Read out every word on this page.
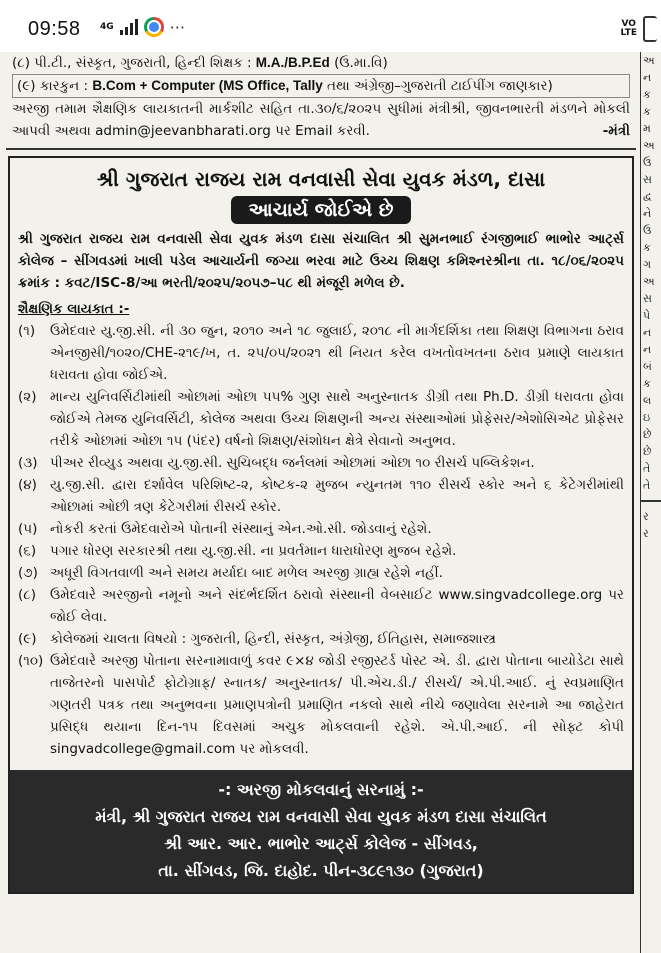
09:58 4G	···	VO
LTE

(૮) પી.ટી., સંસ્કૃત, ગુજરાતી, હિન્દી શિક્ષક : M.A./B.P.Ed (ઉ.મા.વિ)

(૯) કારકુન : B.Com + Computer (MS Office, Tally તથા અંગ્રેજી–ગુજરાતી ટાઈપીંગ જાણકાર)

અરજી તમામ શૈક્ષણિક લાયકાતની માર્કશીટ સહિત તા.૩૦/૬/૨૦૨૫ સુધીમાં મંત્રીશ્રી, જીવનભારતી મંડળને મોકલી આપવી અથવા admin@jeevanbharati.org પર Email કરવી.	-મંત્રી

શ્રી ગુજરાત રાજય રામ વનવાસી સેવા યુવક મંડળ, દાસા
આચાર્ય જોઈએ છે

શ્રી ગુજરાત રાજય રામ વનવાસી સેવા યુવક મંડળ દાસા સંચાલિત શ્રી સુમનભાઈ રંગજીભાઈ ભાભોર આર્ટ્સ કોલેજ – સીંગવડમાં ખાલી પડેલ આચાર્યની જગ્યા ભરવા માટે ઉચ્ચ શિક્ષણ કમિશ્નરશ્રીના તા. ૧૮/૦૬/૨૦૨૫ ક્રમાંક : કવટ/ISC-8/આ ભરતી/૨૦૨૫/૨૦૫૭–૫૮ થી મંજૂરી મળેલ છે.

શૈક્ષણિક લાયકાત :-

(૧)	ઉમેદવાર યુ.જી.સી. ની ૩૦ જુન, ૨૦૧૦ અને ૧૮ જુલાઈ, ૨૦૧૮ ની માર્ગદર્શિકા તથા શિક્ષણ વિભાગના ઠરાવ એનજીસી/૧૦૨૦/CHE-૨૧૯/ખ, ત. ૨૫/૦૫/૨૦૨૧ થી નિયત કરેલ વખતોવખતના ઠરાવ પ્રમાણે લાયકાત ધરાવતા હોવા જોઈએ.
(૨)	માન્ય યુનિવર્સિટીમાંથી ઓછામાં ઓછા ૫૫% ગુણ સાથે અનુસ્નાતક ડીગ્રી તથા Ph.D. ડીગ્રી ધરાવતા હોવા જોઈએ તેમજ યુનિવર્સિટી, કોલેજ અથવા ઉચ્ચ શિક્ષણની અન્ય સંસ્થાઓમાં પ્રોફેસર/એશોસિએટ પ્રોફેસર તરીકે ઓછામાં ઓછા ૧૫ (પંદર) વર્ષનો શિક્ષણ/સંશોધન ક્ષેત્રે સેવાનો અનુભવ.
(૩) પીઅર રીવ્યુડ અથવા યુ.જી.સી. સુચિબદ્ધ જર્નલમાં ઓછામાં ઓછા ૧૦ રીસર્ચ પબ્લિકેશન.
(૪) યુ.જી.સી. દ્વારા દર્શાવેલ પરિશિષ્ટ-૨, કોષ્ટક-૨ મુજબ ન્યુનતમ ૧૧૦ રીસર્ચ સ્કોર અને ૬ કેટેગરીમાંથી ઓછામાં ઓછી ત્રણ કેટેગરીમાં રીસર્ચ સ્કોર.
(૫) નોકરી કરતાં ઉમેદવારોએ પોતાની સંસ્થાનું એન.ઓ.સી. જોડવાનું રહેશે.
(૬)	પગાર ધોરણ સરકારશ્રી તથા યુ.જી.સી. ના પ્રવર્તમાન ધારાધોરણ મુજબ રહેશે.
(૭) અધૂરી વિગતવાળી અને સમય મર્યાદા બાદ મળેલ અરજી ગ્રાહ્ય રહેશે નહીં.
(૮)	ઉમેદવારે અરજીનો નમૂનો અને સંદર્ભદર્શિત ઠરાવો સંસ્થાની વેબસાઈટ www.singvadcollege.org પર જોઈ લેવા.
(૯) કોલેજમાં ચાલતા વિષયો : ગુજરાતી, હિન્દી, સંસ્કૃત, અંગ્રેજી, ઈતિહાસ, સમાજશાસ્ત્ર
(૧૦) ઉમેદવારે અરજી પોતાના સરનામાવાળું કવર ૯×૪ જોડી રજીસ્ટર્ડ પોસ્ટ એ. ડી. દ્વારા પોતાના બાયોડેટા સાથે તાજેતરનો પાસપોર્ટ ફોટોગ્રાફ/ સ્નાતક/ અનુસ્નાતક/ પી.એચ.ડી./ રીસર્ચ/ એ.પી.આઈ. નું સ્વપ્રમાણિત ગણતરી પત્રક તથા અનુભવના પ્રમાણપત્રોની પ્રમાણિત નકલો સાથે નીચે જણાવેલા સરનામે આ જાહેરાત પ્રસિદ્ધ થયાના દિન-૧૫ દિવસમાં અચુક મોકલવાની રહેશે. એ.પી.આઈ. ની સોફ્ટ કોપી singvadcollege@gmail.com પર મોકલવી.
-: અરજી મોકલવાનું સરનામું :-
મંત્રી, શ્રી ગુજરાત રાજય રામ વનવાસી સેવા યુવક મંડળ દાસા સંચાલિત
શ્રી આર. આર. ભાભોર આર્ટ્સ કોલેજ - સીંગવડ,
તા. સીંગવડ, જિ. દાહોદ. પીન-૩૮૯૧૩૦ (ગુજરાત)
અ
ન
ક
ક
મ
અ
ઉ
સ
દ્વ
ને
ઉ
ક
ગ
અ
સ
પે
ન
ન
બં
ક
લ
ઇ
છે
છે
તે
તે
ર
ર
